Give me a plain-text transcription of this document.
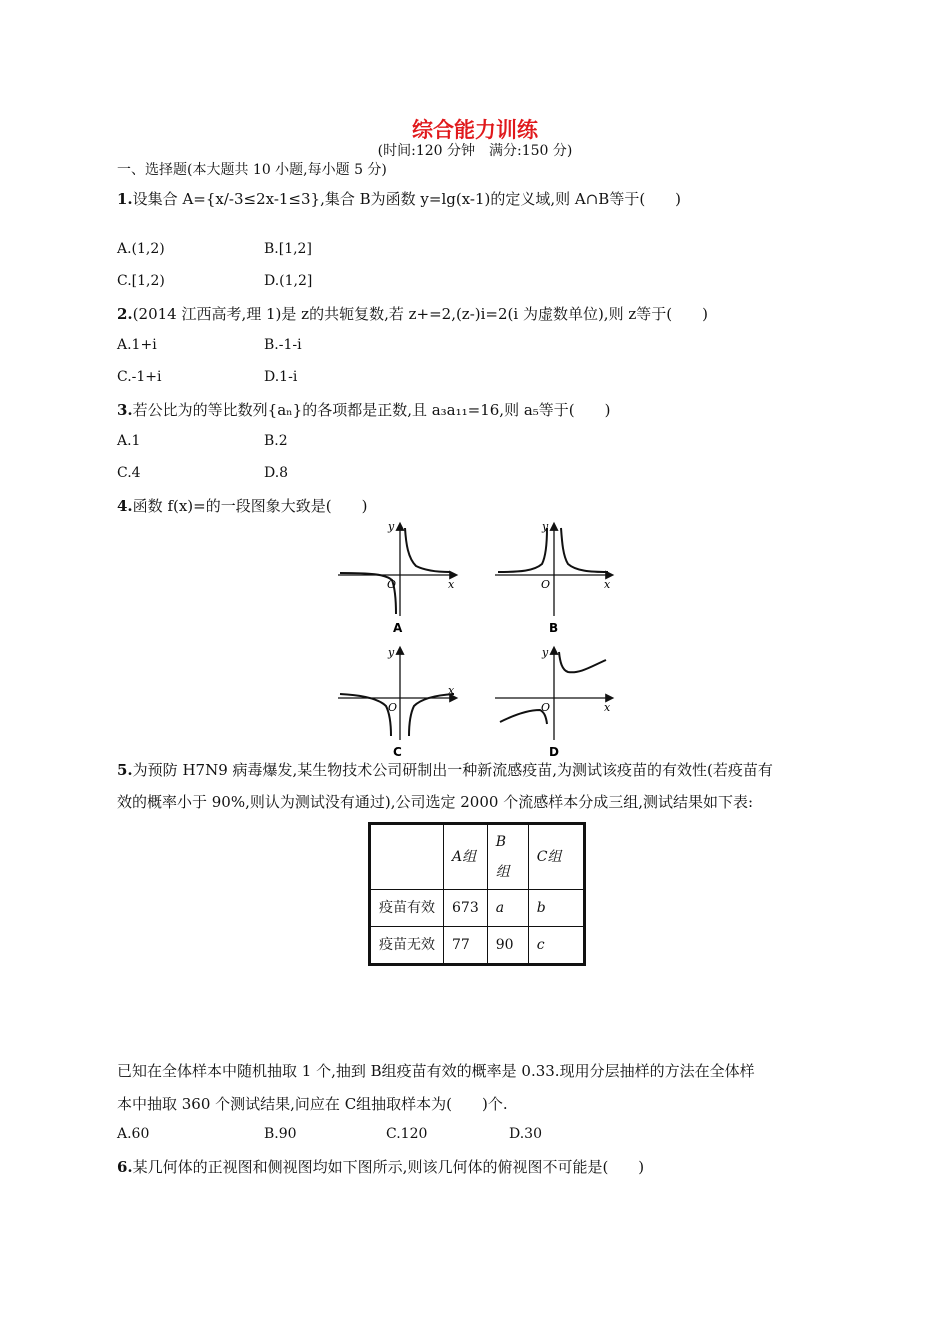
综合能力训练
(时间:120 分钟　满分:150 分)
一、选择题(本大题共 10 小题,每小题 5 分)
1.设集合 A={x/-3≤2x-1≤3},集合 B为函数 y=lg(x-1)的定义域,则 A∩B等于(　　)
A.(1,2)	B.[1,2]
C.[1,2)	D.(1,2]
2.(2014 江西高考,理 1)是 z的共轭复数,若 z+=2,(z-)i=2(i 为虚数单位),则 z等于(　　)
A.1+i	B.-1-i
C.-1+i	D.1-i
3.若公比为的等比数列{aₙ}的各项都是正数,且 a₃a₁₁=16,则 a₅等于(　　)
A.1	B.2
C.4	D.8
4.函数 f(x)=的一段图象大致是(　　)
y
x
O
A
y
x
O
B
y
x
O
C
y
x
O
D
5.为预防 H7N9 病毒爆发,某生物技术公司研制出一种新流感疫苗,为测试该疫苗的有效性(若疫苗有
效的概率小于 90%,则认为测试没有通过),公司选定 2000 个流感样本分成三组,测试结果如下表:
	A组	B组	C组
疫苗有效	673	a	b
疫苗无效	77	90	c
已知在全体样本中随机抽取 1 个,抽到 B组疫苗有效的概率是 0.33.现用分层抽样的方法在全体样
本中抽取 360 个测试结果,问应在 C组抽取样本为(　　)个.
A.60	B.90	C.120	D.30
6.某几何体的正视图和侧视图均如下图所示,则该几何体的俯视图不可能是(　　)
